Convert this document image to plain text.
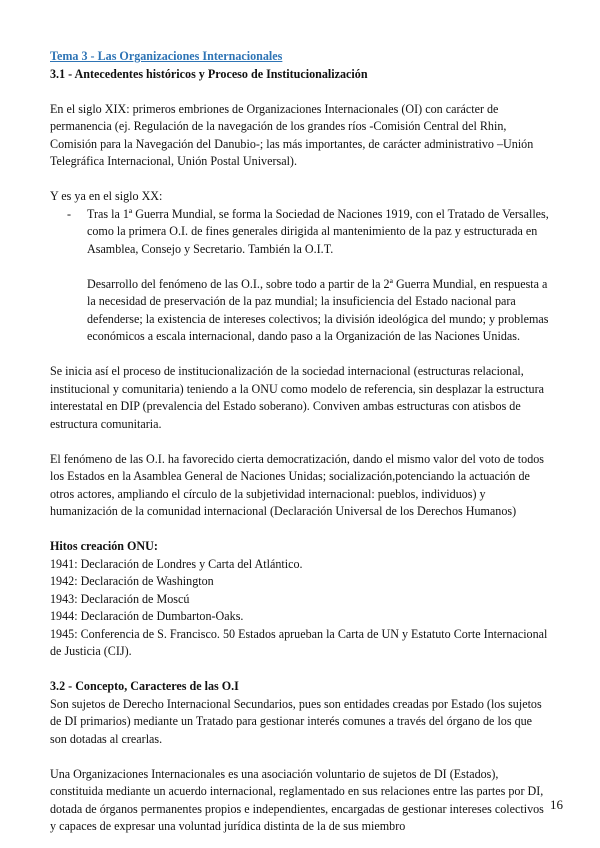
Tema 3 - Las Organizaciones Internacionales

3.1 - Antecedentes históricos y Proceso de Institucionalización

En el siglo XIX: primeros embriones de Organizaciones Internacionales (OI) con carácter de permanencia (ej. Regulación de la navegación de los grandes ríos -Comisión Central del Rhin, Comisión para la Navegación del Danubio-; las más importantes, de carácter administrativo –Unión Telegráfica Internacional, Unión Postal Universal).

Y es ya en el siglo XX:

- Tras la 1ª Guerra Mundial, se forma la Sociedad de Naciones 1919, con el Tratado de Versalles, como la primera O.I. de fines generales dirigida al mantenimiento de la paz y estructurada en Asamblea, Consejo y Secretario. También la O.I.T.

Desarrollo del fenómeno de las O.I., sobre todo a partir de la 2ª Guerra Mundial, en respuesta a la necesidad de preservación de la paz mundial; la insuficiencia del Estado nacional para defenderse; la existencia de intereses colectivos; la división ideológica del mundo; y problemas económicos a escala internacional, dando paso a la Organización de las Naciones Unidas.

Se inicia así el proceso de institucionalización de la sociedad internacional (estructuras relacional, institucional y comunitaria) teniendo a la ONU como modelo de referencia, sin desplazar la estructura interestatal en DIP (prevalencia del Estado soberano). Conviven ambas estructuras con atisbos de estructura comunitaria.

El fenómeno de las O.I. ha favorecido cierta democratización, dando el mismo valor del voto de todos los Estados en la Asamblea General de Naciones Unidas; socialización,potenciando la actuación de otros actores, ampliando el círculo de la subjetividad internacional: pueblos, individuos) y humanización de la comunidad internacional (Declaración Universal de los Derechos Humanos)

Hitos creación ONU:

1941: Declaración de Londres y Carta del Atlántico.

1942: Declaración de Washington

1943: Declaración de Moscú

1944: Declaración de Dumbarton-Oaks.

1945: Conferencia de S. Francisco. 50 Estados aprueban la Carta de UN y Estatuto Corte Internacional de Justicia (CIJ).

3.2 - Concepto, Caracteres de las O.I

Son sujetos de Derecho Internacional Secundarios, pues son entidades creadas por Estado (los sujetos de DI primarios) mediante un Tratado para gestionar interés comunes a través del órgano de los que son dotadas al crearlas.

Una Organizaciones Internacionales es una asociación voluntario de sujetos de DI (Estados), constituida mediante un acuerdo internacional, reglamentado en sus relaciones entre las partes por DI, dotada de órganos permanentes propios e independientes, encargadas de gestionar intereses colectivos y capaces de expresar una voluntad jurídica distinta de la de sus miembro

16
